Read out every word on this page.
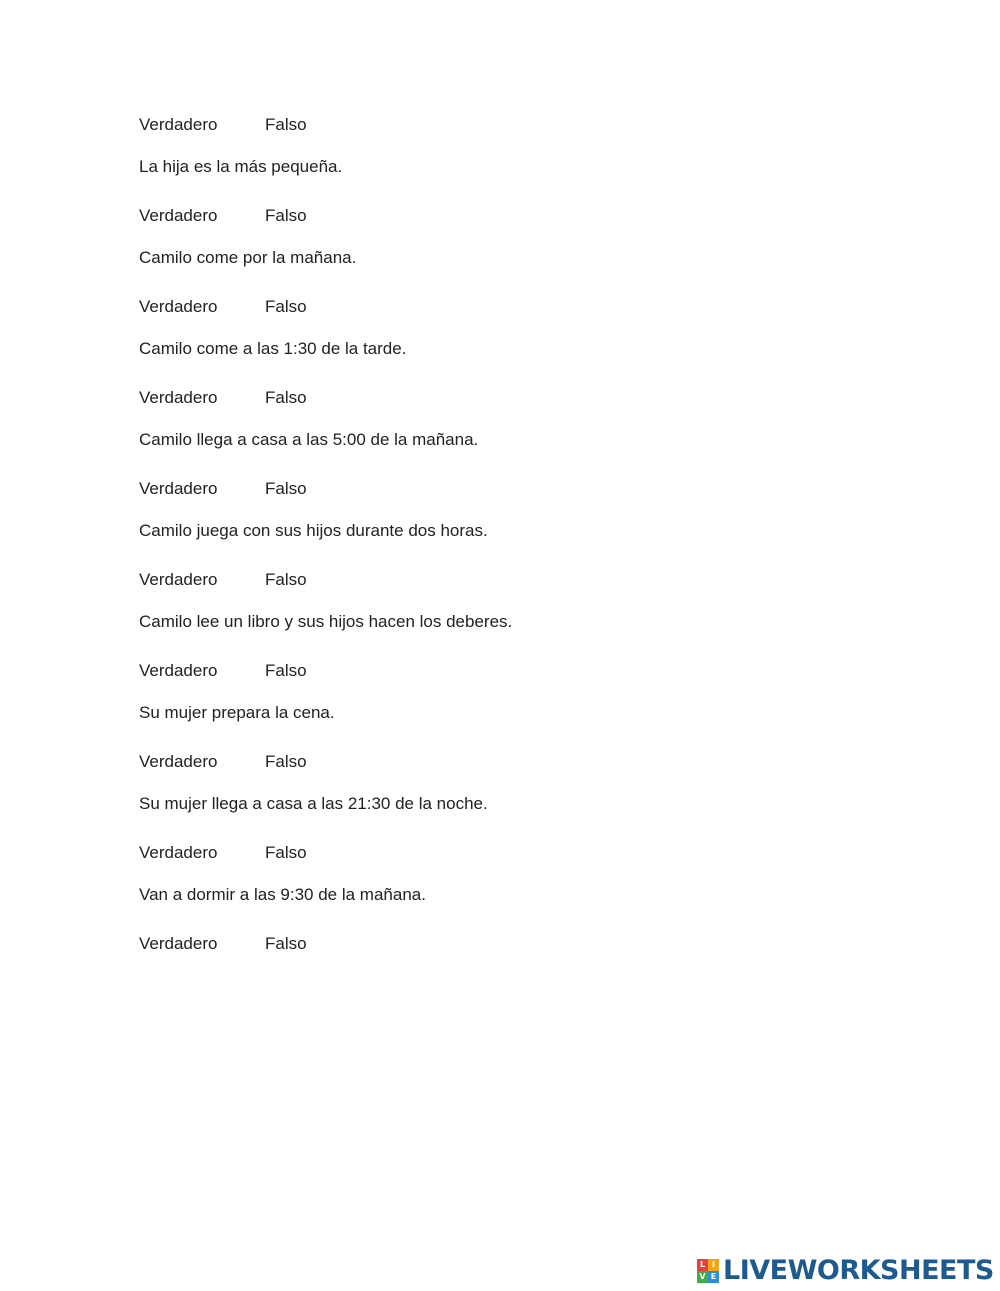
Verdadero	Falso
La hija es la más pequeña.
Verdadero	Falso
Camilo come por la mañana.
Verdadero	Falso
Camilo come a las 1:30 de la tarde.
Verdadero	Falso
Camilo llega a casa a las 5:00 de la mañana.
Verdadero	Falso
Camilo juega con sus hijos durante dos horas.
Verdadero	Falso
Camilo lee un libro y sus hijos hacen los deberes.
Verdadero	Falso
Su mujer prepara la cena.
Verdadero	Falso
Su mujer llega a casa a las 21:30 de la noche.
Verdadero	Falso
Van a dormir a las 9:30 de la mañana.
Verdadero	Falso
L I
V E LIVEWORKSHEETS
